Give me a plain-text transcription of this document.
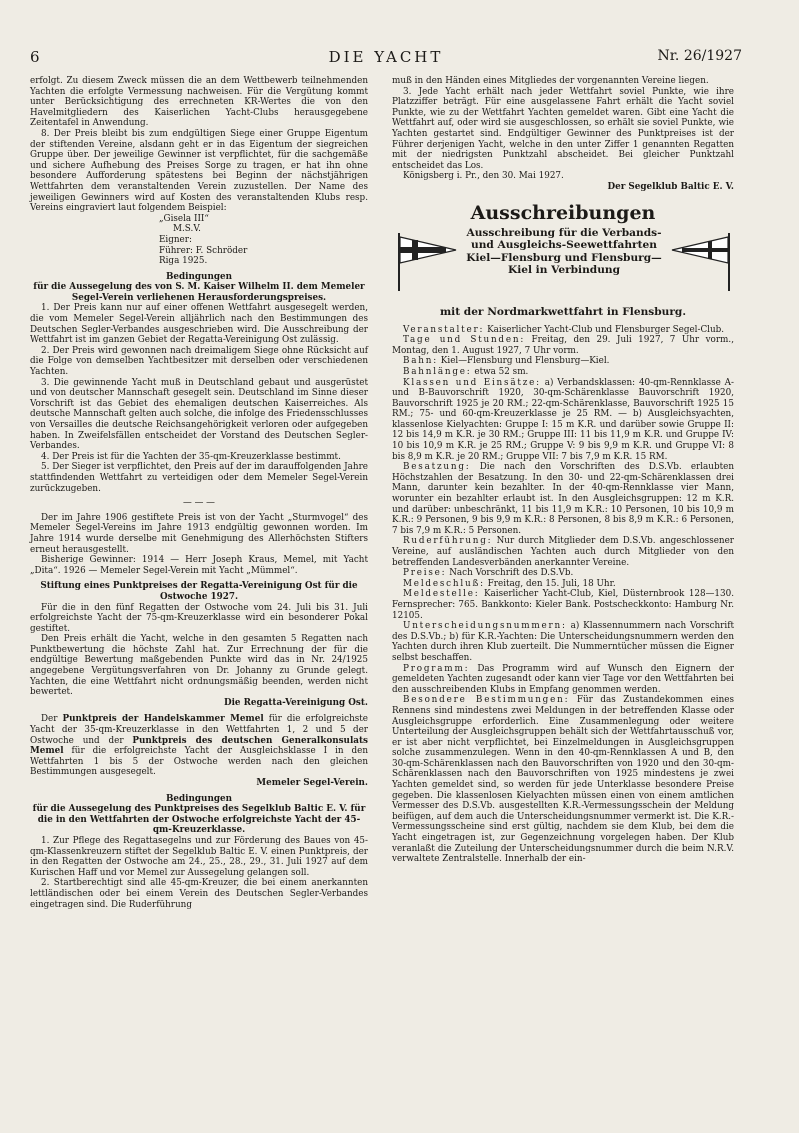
6	DIE YACHT	Nr. 26/1927

erfolgt. Zu diesem Zweck müssen die an dem Wettbewerb teilnehmenden Yachten die erfolgte Vermessung nachweisen. Für die Vergütung kommt unter Berücksichtigung des errechneten KR-Wertes die von den Havelmitgliedern des Kaiserlichen Yacht-Clubs herausgegebene Zeitentafel in Anwendung.

8. Der Preis bleibt bis zum endgültigen Siege einer Gruppe Eigentum der stiftenden Vereine, alsdann geht er in das Eigentum der siegreichen Gruppe über. Der jeweilige Gewinner ist verpflichtet, für die sachgemäße und sichere Aufhebung des Preises Sorge zu tragen, er hat ihn ohne besondere Aufforderung spätestens bei Beginn der nächstjährigen Wettfahrten dem veranstaltenden Verein zuzustellen. Der Name des jeweiligen Gewinners wird auf Kosten des veranstaltenden Klubs resp. Vereins eingraviert laut folgendem Beispiel:

„Gisela III“

M.S.V.

Eigner:

Führer: F. Schröder

Riga 1925.

Bedingungen

für die Aussegelung des von S. M. Kaiser Wilhelm II. dem Memeler Segel-Verein verliehenen Herausforderungspreises.

1. Der Preis kann nur auf einer offenen Wettfahrt ausgesegelt werden, die vom Memeler Segel-Verein alljährlich nach den Bestimmungen des Deutschen Segler-Verbandes ausgeschrieben wird. Die Ausschreibung der Wettfahrt ist im ganzen Gebiet der Regatta-Vereinigung Ost zulässig.

2. Der Preis wird gewonnen nach dreimaligem Siege ohne Rücksicht auf die Folge von demselben Yachtbesitzer mit derselben oder verschiedenen Yachten.

3. Die gewinnende Yacht muß in Deutschland gebaut und ausgerüstet und von deutscher Mannschaft gesegelt sein. Deutschland im Sinne dieser Vorschrift ist das Gebiet des ehemaligen deutschen Kaiserreiches. Als deutsche Mannschaft gelten auch solche, die infolge des Friedensschlusses von Versailles die deutsche Reichsangehörigkeit verloren oder aufgegeben haben. In Zweifelsfällen entscheidet der Vorstand des Deutschen Segler-Verbandes.

4. Der Preis ist für die Yachten der 35-qm-Kreuzerklasse bestimmt.

5. Der Sieger ist verpflichtet, den Preis auf der im darauffolgenden Jahre stattfindenden Wettfahrt zu verteidigen oder dem Memeler Segel-Verein zurückzugeben.

— — —

Der im Jahre 1906 gestiftete Preis ist von der Yacht „Sturmvogel“ des Memeler Segel-Vereins im Jahre 1913 endgültig gewonnen worden. Im Jahre 1914 wurde derselbe mit Genehmigung des Allerhöchsten Stifters erneut herausgestellt.

Bisherige Gewinner: 1914 — Herr Joseph Kraus, Memel, mit Yacht „Dita“. 1926 — Memeler Segel-Verein mit Yacht „Mümmel“.

Stiftung eines Punktpreises der Regatta-Vereinigung Ost für die Ostwoche 1927.

Für die in den fünf Regatten der Ostwoche vom 24. Juli bis 31. Juli erfolgreichste Yacht der 75-qm-Kreuzerklasse wird ein besonderer Pokal gestiftet.

Den Preis erhält die Yacht, welche in den gesamten 5 Regatten nach Punktbewertung die höchste Zahl hat. Zur Errechnung der für die endgültige Bewertung maßgebenden Punkte wird das in Nr. 24/1925 angegebene Vergütungsverfahren von Dr. Johanny zu Grunde gelegt. Yachten, die eine Wettfahrt nicht ordnungsmäßig beenden, werden nicht bewertet.

Die Regatta-Vereinigung Ost.

Der Punktpreis der Handelskammer Memel für die erfolgreichste Yacht der 35-qm-Kreuzerklasse in den Wettfahrten 1, 2 und 5 der Ostwoche und der Punktpreis des deutschen Generalkonsulats Memel für die erfolgreichste Yacht der Ausgleichsklasse I in den Wettfahrten 1 bis 5 der Ostwoche werden nach den gleichen Bestimmungen ausgesegelt.

Memeler Segel-Verein.

Bedingungen

für die Aussegelung des Punktpreises des Segelklub Baltic E. V. für die in den Wettfahrten der Ostwoche erfolgreichste Yacht der 45-qm-Kreuzerklasse.

1. Zur Pflege des Regattasegelns und zur Förderung des Baues von 45-qm-Klassenkreuzern stiftet der Segelklub Baltic E. V. einen Punktpreis, der in den Regatten der Ostwoche am 24., 25., 28., 29., 31. Juli 1927 auf dem Kurischen Haff und vor Memel zur Aussegelung gelangen soll.

2. Startberechtigt sind alle 45-qm-Kreuzer, die bei einem anerkannten lettländischen oder bei einem Verein des Deutschen Segler-Verbandes eingetragen sind. Die Ruderführung

muß in den Händen eines Mitgliedes der vorgenannten Vereine liegen.

3. Jede Yacht erhält nach jeder Wettfahrt soviel Punkte, wie ihre Platzziffer beträgt. Für eine ausgelassene Fahrt erhält die Yacht soviel Punkte, wie zu der Wettfahrt Yachten gemeldet waren. Gibt eine Yacht die Wettfahrt auf, oder wird sie ausgeschlossen, so erhält sie soviel Punkte, wie Yachten gestartet sind. Endgültiger Gewinner des Punktpreises ist der Führer derjenigen Yacht, welche in den unter Ziffer 1 genannten Regatten mit der niedrigsten Punktzahl abscheidet. Bei gleicher Punktzahl entscheidet das Los.

Königsberg i. Pr., den 30. Mai 1927.

Der Segelklub Baltic E. V.

Ausschreibungen
Ausschreibung für die Verbands- und Ausgleichs-Seewettfahrten Kiel—Flensburg und Flensburg—Kiel in Verbindung
mit der Nordmarkwettfahrt in Flensburg.

Veranstalter: Kaiserlicher Yacht-Club und Flensburger Segel-Club.

Tage und Stunden: Freitag, den 29. Juli 1927, 7 Uhr vorm., Montag, den 1. August 1927, 7 Uhr vorm.

Bahn: Kiel—Flensburg und Flensburg—Kiel.

Bahnlänge: etwa 52 sm.

Klassen und Einsätze: a) Verbandsklassen: 40-qm-Rennklasse A- und B-Bauvorschrift 1920, 30-qm-Schärenklasse Bauvorschrift 1920, Bauvorschrift 1925 je 20 RM.; 22-qm-Schärenklasse, Bauvorschrift 1925 15 RM.; 75- und 60-qm-Kreuzerklasse je 25 RM. — b) Ausgleichsyachten, klassenlose Kielyachten: Gruppe I: 15 m K.R. und darüber sowie Gruppe II: 12 bis 14,9 m K.R. je 30 RM.; Gruppe III: 11 bis 11,9 m K.R. und Gruppe IV: 10 bis 10,9 m K.R. je 25 RM.; Gruppe V: 9 bis 9,9 m K.R. und Gruppe VI: 8 bis 8,9 m K.R. je 20 RM.; Gruppe VII: 7 bis 7,9 m K.R. 15 RM.

Besatzung: Die nach den Vorschriften des D.S.Vb. erlaubten Höchstzahlen der Besatzung. In den 30- und 22-qm-Schärenklassen drei Mann, darunter kein bezahlter. In der 40-qm-Rennklasse vier Mann, worunter ein bezahlter erlaubt ist. In den Ausgleichsgruppen: 12 m K.R. und darüber: unbeschränkt, 11 bis 11,9 m K.R.: 10 Personen, 10 bis 10,9 m K.R.: 9 Personen, 9 bis 9,9 m K.R.: 8 Personen, 8 bis 8,9 m K.R.: 6 Personen, 7 bis 7,9 m K.R.: 5 Personen.

Ruderführung: Nur durch Mitglieder dem D.S.Vb. angeschlossener Vereine, auf ausländischen Yachten auch durch Mitglieder von den betreffenden Landesverbänden anerkannter Vereine.

Preise: Nach Vorschrift des D.S.Vb.

Meldeschluß: Freitag, den 15. Juli, 18 Uhr.

Meldestelle: Kaiserlicher Yacht-Club, Kiel, Düsternbrook 128—130. Fernsprecher: 765. Bankkonto: Kieler Bank. Postscheckkonto: Hamburg Nr. 12105.

Unterscheidungsnummern: a) Klassennummern nach Vorschrift des D.S.Vb.; b) für K.R.-Yachten: Die Unterscheidungsnummern werden den Yachten durch ihren Klub zuerteilt. Die Nummerntücher müssen die Eigner selbst beschaffen.

Programm: Das Programm wird auf Wunsch den Eignern der gemeldeten Yachten zugesandt oder kann vier Tage vor den Wettfahrten bei den ausschreibenden Klubs in Empfang genommen werden.

Besondere Bestimmungen: Für das Zustandekommen eines Rennens sind mindestens zwei Meldungen in der betreffenden Klasse oder Ausgleichsgruppe erforderlich. Eine Zusammenlegung oder weitere Unterteilung der Ausgleichsgruppen behält sich der Wettfahrtausschuß vor, er ist aber nicht verpflichtet, bei Einzelmeldungen in Ausgleichsgruppen solche zusammenzulegen. Wenn in den 40-qm-Rennklassen A und B, den 30-qm-Schärenklassen nach den Bauvorschriften von 1920 und den 30-qm-Schärenklassen nach den Bauvorschriften von 1925 mindestens je zwei Yachten gemeldet sind, so werden für jede Unterklasse besondere Preise gegeben. Die klassenlosen Kielyachten müssen einen von einem amtlichen Vermesser des D.S.Vb. ausgestellten K.R.-Vermessungsschein der Meldung beifügen, auf dem auch die Unterscheidungsnummer vermerkt ist. Die K.R.-Vermessungsscheine sind erst gültig, nachdem sie dem Klub, bei dem die Yacht eingetragen ist, zur Gegenzeichnung vorgelegen haben. Der Klub veranlaßt die Zuteilung der Unterscheidungsnummer durch die beim N.R.V. verwaltete Zentralstelle. Innerhalb der ein-
